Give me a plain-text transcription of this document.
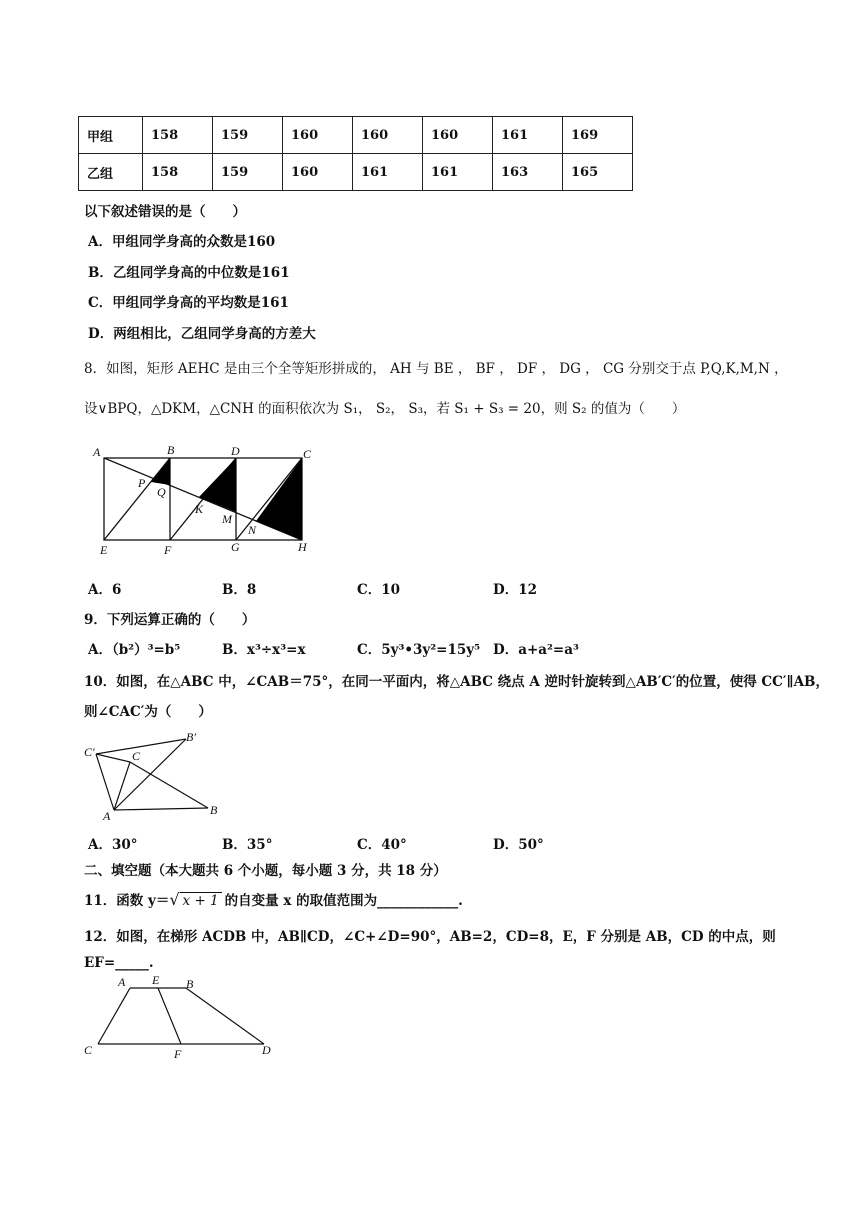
甲组	158	159	160	160	160	161	169
乙组	158	159	160	161	161	163	165
以下叙述错误的是（　　）
A．甲组同学身高的众数是160
B．乙组同学身高的中位数是161
C．甲组同学身高的平均数是161
D．两组相比，乙组同学身高的方差大
8．如图，矩形 AEHC 是由三个全等矩形拼成的， AH 与 BE ， BF ， DF ， DG ， CG 分别交于点 P,Q,K,M,N ，
设∨BPQ，△DKM，△CNH 的面积依次为 S₁， S₂， S₃，若 S₁ + S₃ = 20，则 S₂ 的值为（　　）
A	B	D	C
P
Q
K
M
N
E	F	G	H
A．6	B．8	C．10	D．12
9．下列运算正确的（　　）
A．（b²）³=b⁵	B．x³÷x³=x	C．5y³•3y²=15y⁵ D．a+a²=a³
10．如图，在△ABC 中，∠CAB＝75°，在同一平面内，将△ABC 绕点 A 逆时针旋转到△AB′C′的位置，使得 CC′∥AB，
则∠CAC′为（　　）
C′	C
B′
A	B
A．30°	B．35°	C．40°	D．50°
二、填空题（本大题共 6 个小题，每小题 3 分，共 18 分）
11．函数 y＝√ x + 1 的自变量 x 的取值范围为____________.
12．如图，在梯形 ACDB 中，AB∥CD，∠C+∠D=90°，AB=2，CD=8，E，F 分别是 AB，CD 的中点，则
EF=_____.
A E B
C	F	D
